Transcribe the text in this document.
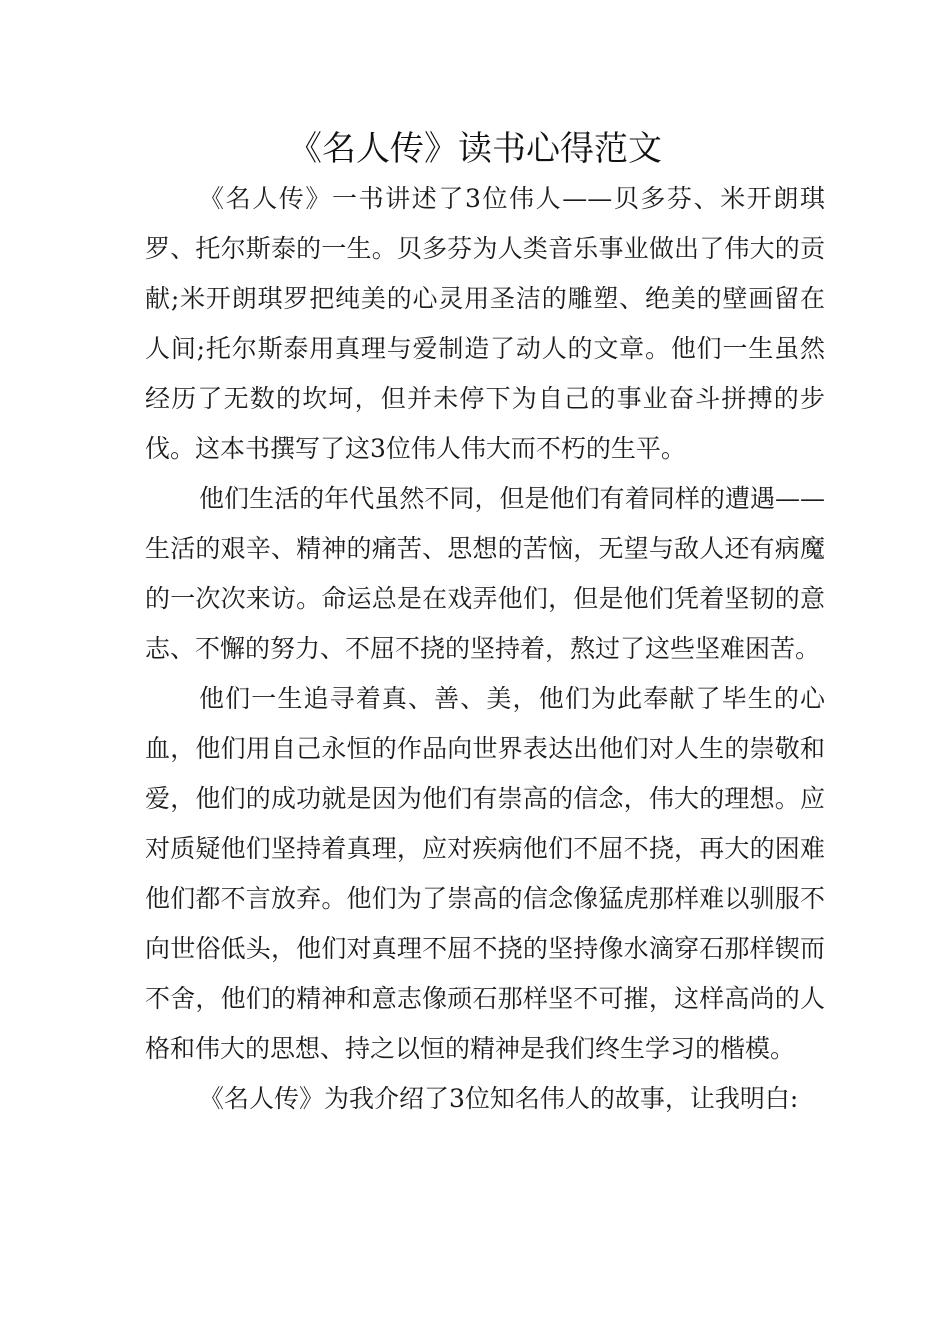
《名人传》读书心得范文

《名人传》一书讲述了3位伟人——贝多芬、米开朗琪罗、托尔斯泰的一生。贝多芬为人类音乐事业做出了伟大的贡献;米开朗琪罗把纯美的心灵用圣洁的雕塑、绝美的壁画留在人间;托尔斯泰用真理与爱制造了动人的文章。他们一生虽然经历了无数的坎坷，但并未停下为自己的事业奋斗拼搏的步伐。这本书撰写了这3位伟人伟大而不朽的生平。

他们生活的年代虽然不同，但是他们有着同样的遭遇——生活的艰辛、精神的痛苦、思想的苦恼，无望与敌人还有病魔的一次次来访。命运总是在戏弄他们，但是他们凭着坚韧的意志、不懈的努力、不屈不挠的坚持着，熬过了这些坚难困苦。

他们一生追寻着真、善、美，他们为此奉献了毕生的心血，他们用自己永恒的作品向世界表达出他们对人生的崇敬和爱，他们的成功就是因为他们有崇高的信念，伟大的理想。应对质疑他们坚持着真理，应对疾病他们不屈不挠，再大的困难他们都不言放弃。他们为了崇高的信念像猛虎那样难以驯服不向世俗低头，他们对真理不屈不挠的坚持像水滴穿石那样锲而不舍，他们的精神和意志像顽石那样坚不可摧，这样高尚的人格和伟大的思想、持之以恒的精神是我们终生学习的楷模。

《名人传》为我介绍了3位知名伟人的故事，让我明白:
